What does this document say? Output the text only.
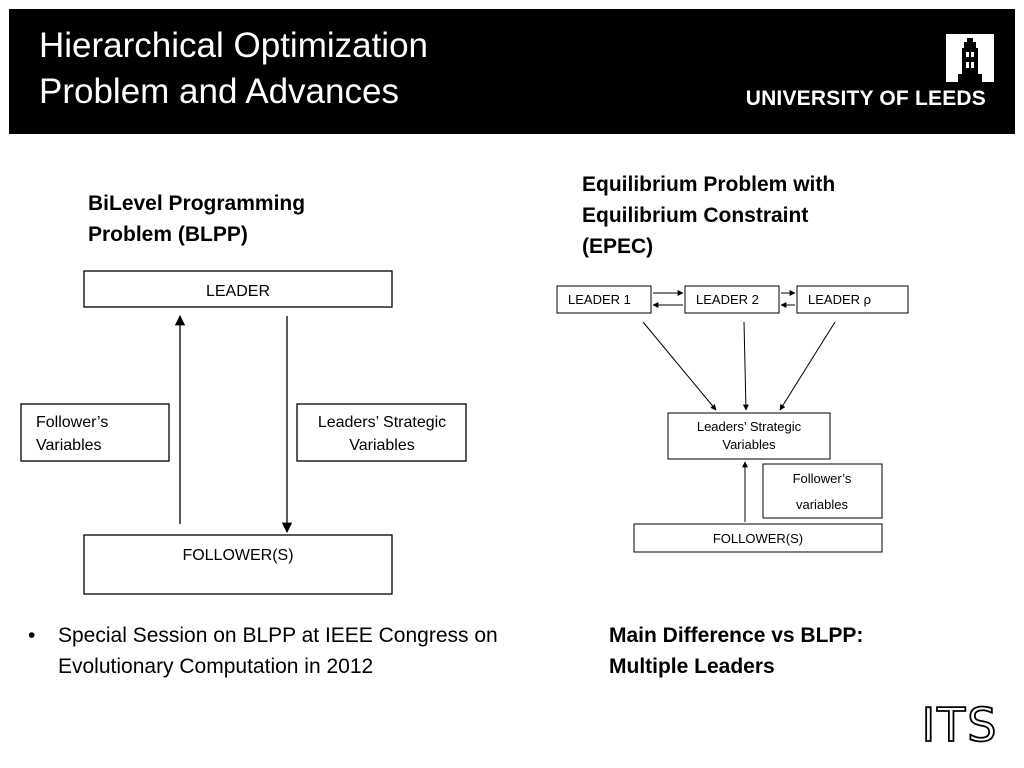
Hierarchical Optimization
Problem and Advances	UNIVERSITY OF LEEDS
BiLevel Programming
Problem (BLPP)
Equilibrium Problem with
Equilibrium Constraint
(EPEC)
LEADER
Follower’s
Variables
Leaders’ Strategic
Variables
FOLLOWER(S)
LEADER 1	LEADER 2	LEADER ρ
Leaders’ Strategic
Variables
Follower’s
variables
FOLLOWER(S)
• Special Session on BLPP at IEEE Congress on Evolutionary Computation in 2012
Main Difference vs BLPP:
Multiple Leaders
ITS
